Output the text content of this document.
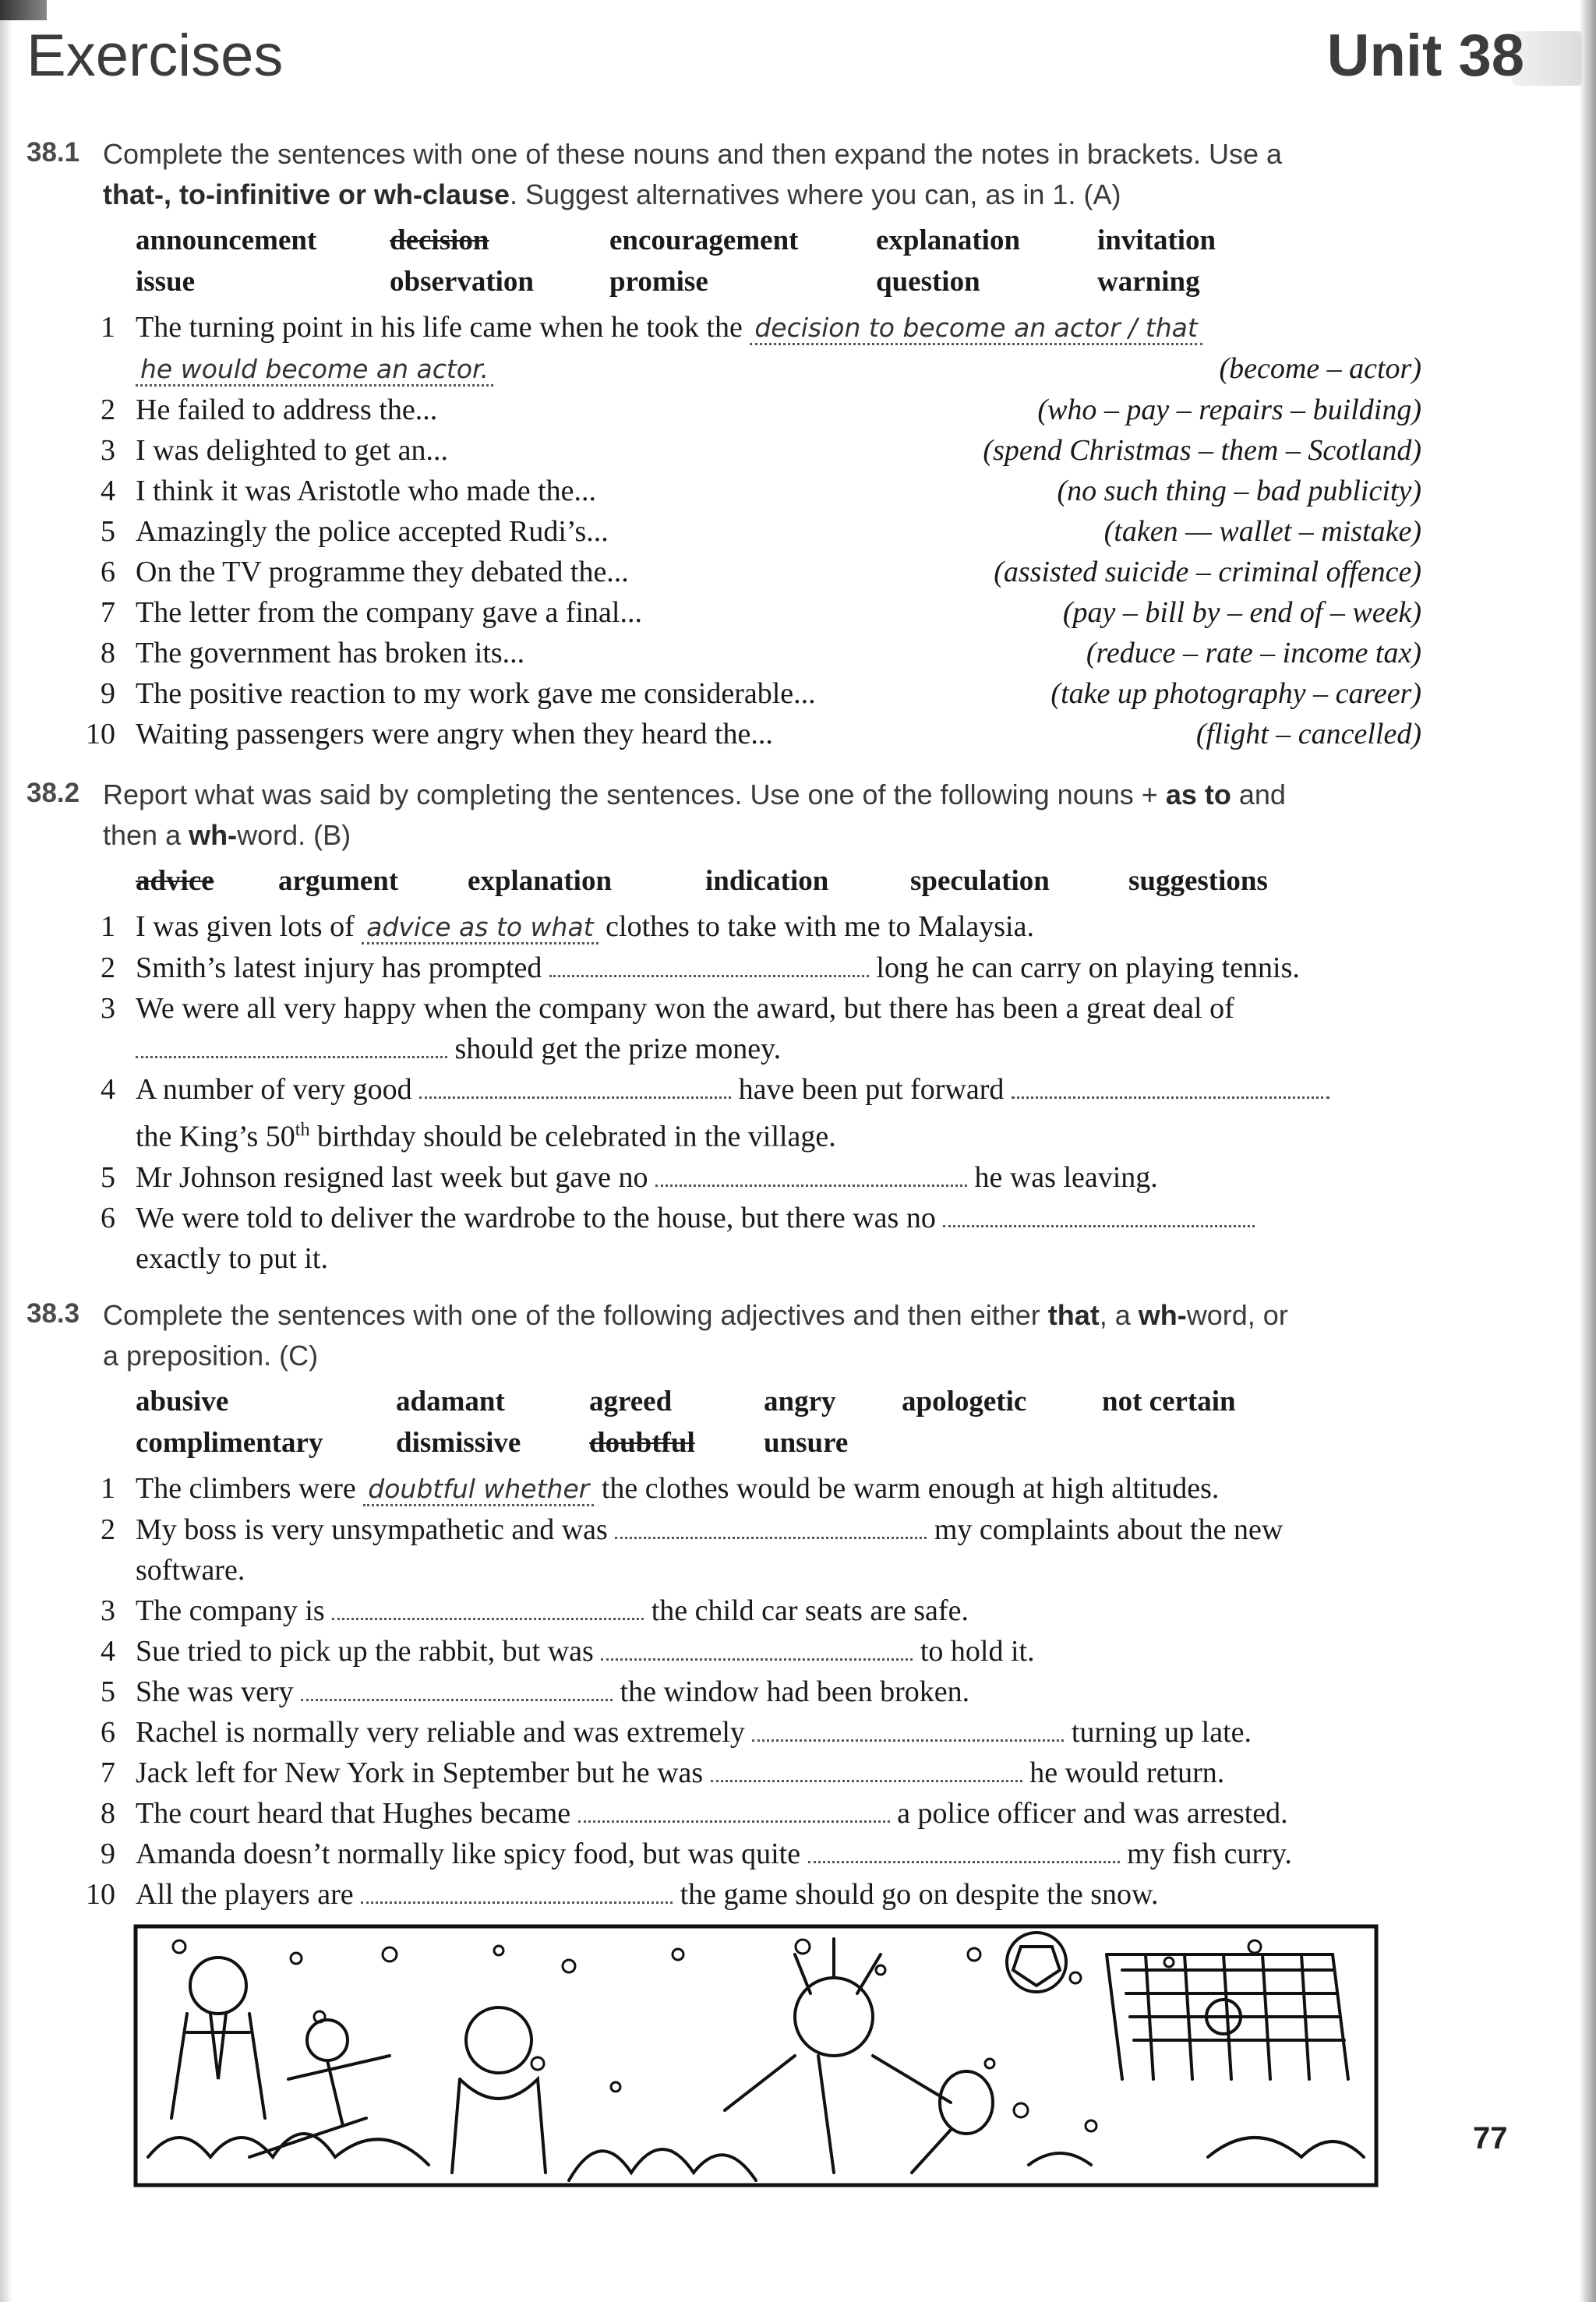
Exercises	Unit 38
38.1 Complete the sentences with one of these nouns and then expand the notes in brackets. Use a
that-, to-infinitive or wh-clause. Suggest alternatives where you can, as in 1. (A)
announcement	decision	encouragement	explanation	invitation
issue	observation	promise	question	warning
1 The turning point in his life came when he took the decision to become an actor / that
he would become an actor.	(become – actor)
2 He failed to address the...	(who – pay – repairs – building)
3 I was delighted to get an...	(spend Christmas – them – Scotland)
4 I think it was Aristotle who made the...	(no such thing – bad publicity)
5 Amazingly the police accepted Rudi’s...	(taken — wallet – mistake)
6 On the TV programme they debated the...	(assisted suicide – criminal offence)
7 The letter from the company gave a final...	(pay – bill by – end of – week)
8 The government has broken its...	(reduce – rate – income tax)
9 The positive reaction to my work gave me considerable...	(take up photography – career)
10 Waiting passengers were angry when they heard the...	(flight – cancelled)
38.2 Report what was said by completing the sentences. Use one of the following nouns + as to and
then a wh-word. (B)
advice	argument	explanation	indication	speculation	suggestions
1 I was given lots of advice as to what clothes to take with me to Malaysia.
2 Smith’s latest injury has prompted	long he can carry on playing tennis.
3 We were all very happy when the company won the award, but there has been a great deal of
should get the prize money.
4 A number of very good	have been put forward
the King’s 50th birthday should be celebrated in the village.
5 Mr Johnson resigned last week but gave no	he was leaving.
6 We were told to deliver the wardrobe to the house, but there was no
exactly to put it.
38.3 Complete the sentences with one of the following adjectives and then either that, a wh-word, or
a preposition. (C)
abusive	adamant	agreed	angry	apologetic	not certain
complimentary	dismissive	doubtful	unsure
1 The climbers were doubtful whether the clothes would be warm enough at high altitudes.
2 My boss is very unsympathetic and was	my complaints about the new
software.
3 The company is	the child car seats are safe.
4 Sue tried to pick up the rabbit, but was	to hold it.
5 She was very	the window had been broken.
6 Rachel is normally very reliable and was extremely	turning up late.
7 Jack left for New York in September but he was	he would return.
8 The court heard that Hughes became	a police officer and was arrested.
9 Amanda doesn’t normally like spicy food, but was quite	my fish curry.
10 All the players are	the game should go on despite the snow.
77
